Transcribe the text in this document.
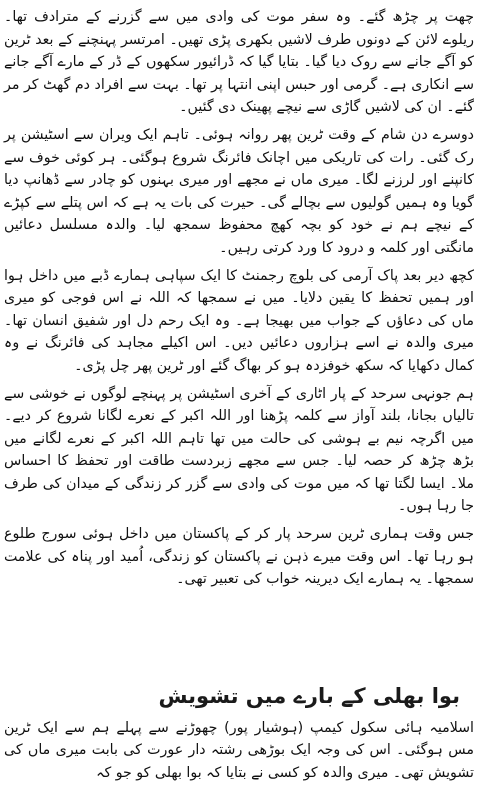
چھت پر چڑھ گئے۔ وہ سفر موت کی وادی میں سے گزرنے کے مترادف تھا۔ ریلوے لائن کے دونوں طرف لاشیں بکھری پڑی تھیں۔ امرتسر پہنچنے کے بعد ٹرین کو آگے جانے سے روک دیا گیا۔ بتایا گیا کہ ڈرائیور سکھوں کے ڈر کے مارے آگے جانے سے انکاری ہے۔ گرمی اور حبس اپنی انتہا پر تھا۔ بہت سے افراد دم گھٹ کر مر گئے۔ ان کی لاشیں گاڑی سے نیچے پھینک دی گئیں۔

دوسرے دن شام کے وقت ٹرین پھر روانہ ہوئی۔ تاہم ایک ویران سے اسٹیشن پر رک گئی۔ رات کی تاریکی میں اچانک فائرنگ شروع ہوگئی۔ ہر کوئی خوف سے کانپنے اور لرزنے لگا۔ میری ماں نے مجھے اور میری بہنوں کو چادر سے ڈھانپ دیا گویا وہ ہمیں گولیوں سے بچالے گی۔ حیرت کی بات یہ ہے کہ اس پتلے سے کپڑے کے نیچے ہم نے خود کو بچہ کھچ محفوظ سمجھ لیا۔ والدہ مسلسل دعائیں مانگتی اور کلمہ و درود کا ورد کرتی رہیں۔

کچھ دیر بعد پاک آرمی کی بلوچ رجمنٹ کا ایک سپاہی ہمارے ڈبے میں داخل ہوا اور ہمیں تحفظ کا یقین دلایا۔ میں نے سمجھا کہ اللہ نے اس فوجی کو میری ماں کی دعاؤں کے جواب میں بھیجا ہے۔ وہ ایک رحم دل اور شفیق انسان تھا۔ میری والدہ نے اسے ہزاروں دعائیں دیں۔ اس اکیلے مجاہد کی فائرنگ نے وہ کمال دکھایا کہ سکھ خوفزدہ ہو کر بھاگ گئے اور ٹرین پھر چل پڑی۔

ہم جونہی سرحد کے پار اٹاری کے آخری اسٹیشن پر پہنچے لوگوں نے خوشی سے تالیاں بجانا، بلند آواز سے کلمہ پڑھنا اور اللہ اکبر کے نعرے لگانا شروع کر دیے۔ میں اگرچہ نیم بے ہوشی کی حالت میں تھا تاہم اللہ اکبر کے نعرے لگانے میں بڑھ چڑھ کر حصہ لیا۔ جس سے مجھے زبردست طاقت اور تحفظ کا احساس ملا۔ ایسا لگتا تھا کہ میں موت کی وادی سے گزر کر زندگی کے میدان کی طرف جا رہا ہوں۔

جس وقت ہماری ٹرین سرحد پار کر کے پاکستان میں داخل ہوئی سورج طلوع ہو رہا تھا۔ اس وقت میرے ذہن نے پاکستان کو زندگی، اُمید اور پناہ کی علامت سمجھا۔ یہ ہمارے ایک دیرینہ خواب کی تعبیر تھی۔

بوا بھلی کے بارے میں تشویش

اسلامیہ ہائی سکول کیمپ (ہوشیار پور) چھوڑنے سے پہلے ہم سے ایک ٹرین مس ہوگئی۔ اس کی وجہ ایک بوڑھی رشتہ دار عورت کی بابت میری ماں کی تشویش تھی۔ میری والدہ کو کسی نے بتایا کہ بوا بھلی کو جو کہ
